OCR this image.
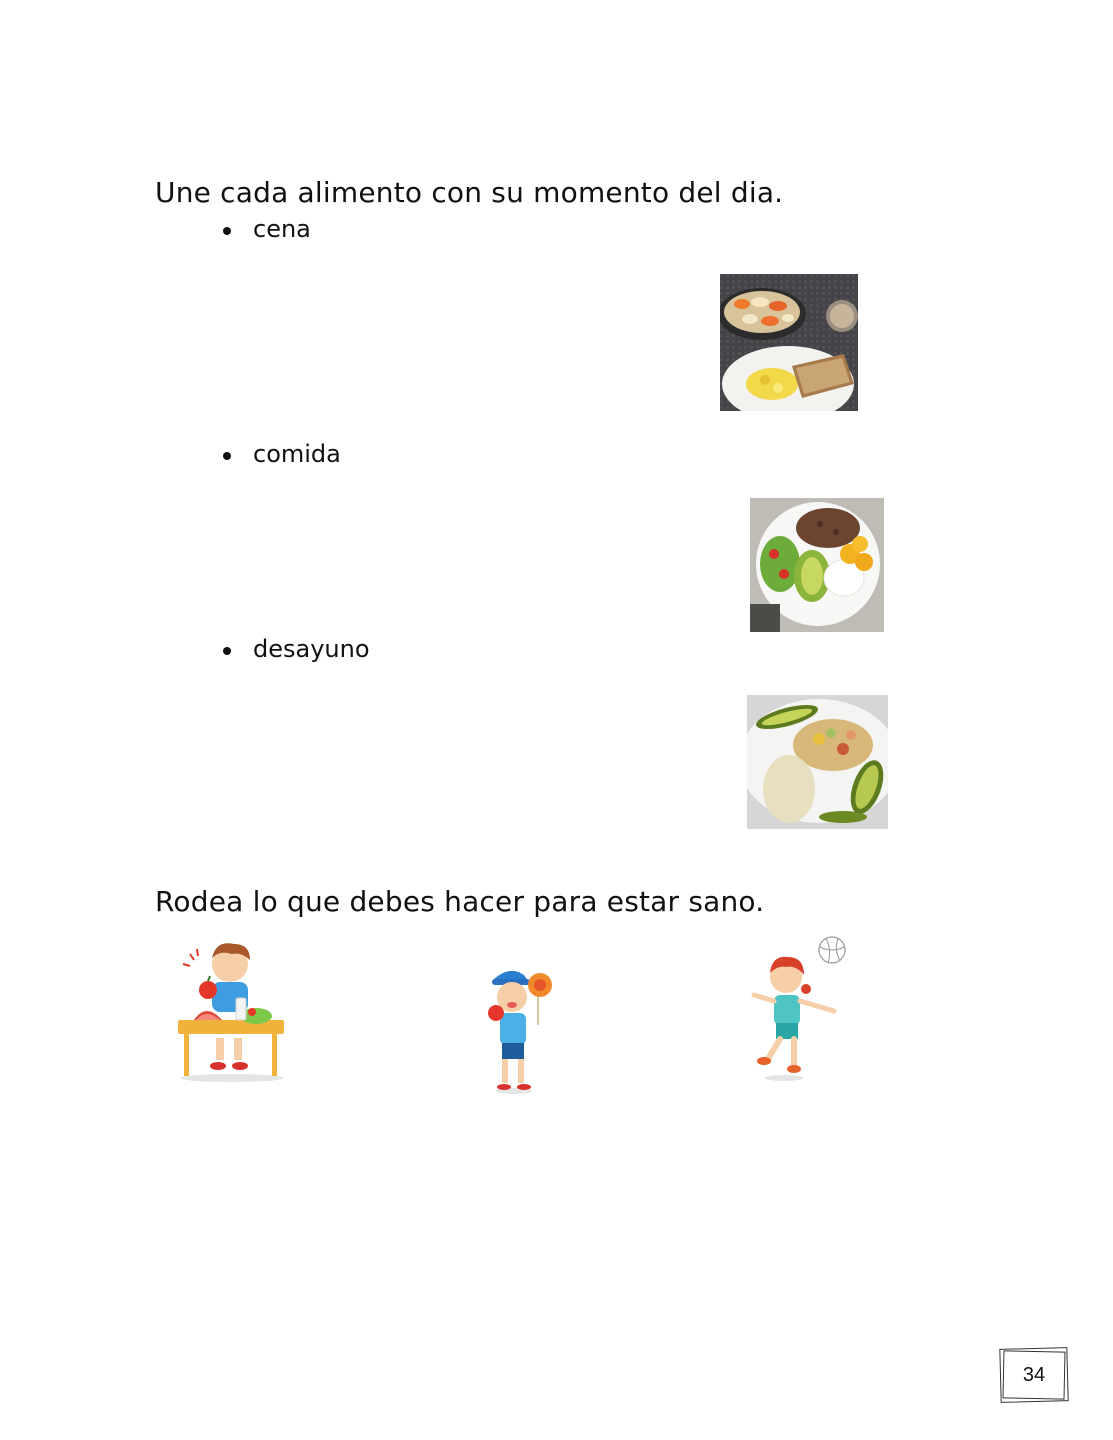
Une cada alimento con su momento del dia.
cena
comida
desayuno
Rodea lo que debes hacer para estar sano.
34
